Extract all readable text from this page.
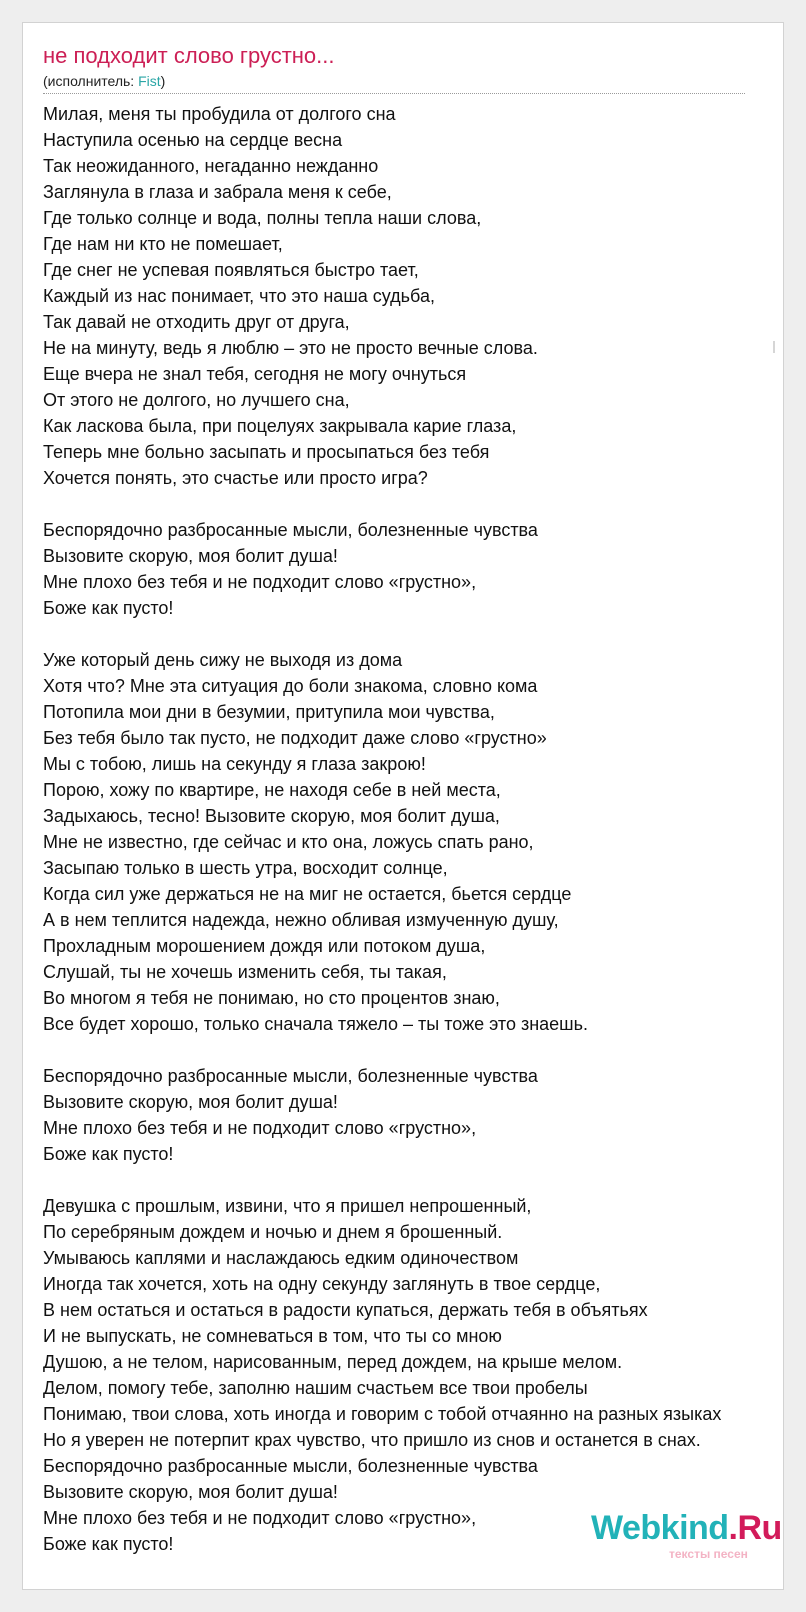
не подходит слово грустно...
(исполнитель: Fist)
Милая, меня ты пробудила от долгого сна
Наступила осенью на сердце весна
Так неожиданного, негаданно нежданно
Заглянула в глаза и забрала меня к себе,
Где только солнце и вода, полны тепла наши слова,
Где нам ни кто не помешает,
Где снег не успевая появляться быстро тает,
Каждый из нас понимает, что это наша судьба,
Так давай не отходить друг от друга,
Не на минуту, ведь я люблю – это не просто вечные слова.
Еще вчера не знал тебя, сегодня не могу очнуться
От этого не долгого, но лучшего сна,
Как ласкова была, при поцелуях закрывала карие глаза,
Теперь мне больно засыпать и просыпаться без тебя
Хочется понять, это счастье или просто игра?
Беспорядочно разбросанные мысли, болезненные чувства
Вызовите скорую, моя болит душа!
Мне плохо без тебя и не подходит слово «грустно»,
Боже как пусто!
Уже который день сижу не выходя из дома
Хотя что? Мне эта ситуация до боли знакома, словно кома
Потопила мои дни в безумии, притупила мои чувства,
Без тебя было так пусто, не подходит даже слово «грустно»
Мы с тобою, лишь на секунду я глаза закрою!
Порою, хожу по квартире, не находя себе в ней места,
Задыхаюсь, тесно! Вызовите скорую, моя болит душа,
Мне не известно, где сейчас и кто она, ложусь спать рано,
Засыпаю только в шесть утра, восходит солнце,
Когда сил уже держаться не на миг не остается, бьется сердце
А в нем теплится надежда, нежно обливая измученную душу,
Прохладным морошением дождя или потоком душа,
Слушай, ты не хочешь изменить себя, ты такая,
Во многом я тебя не понимаю, но сто процентов знаю,
Все будет хорошо, только сначала тяжело – ты тоже это знаешь.
Беспорядочно разбросанные мысли, болезненные чувства
Вызовите скорую, моя болит душа!
Мне плохо без тебя и не подходит слово «грустно»,
Боже как пусто!
Девушка с прошлым, извини, что я пришел непрошенный,
По серебряным дождем и ночью и днем я брошенный.
Умываюсь каплями и наслаждаюсь едким одиночеством
Иногда так хочется, хоть на одну секунду заглянуть в твое сердце,
В нем остаться и остаться в радости купаться, держать тебя в объятьях
И не выпускать, не сомневаться в том, что ты со мною
Душою, а не телом, нарисованным, перед дождем, на крыше мелом.
Делом, помогу тебе, заполню нашим счастьем все твои пробелы
Понимаю, твои слова, хоть иногда и говорим с тобой отчаянно на разных языках
Но я уверен не потерпит крах чувство, что пришло из снов и останется в снах.
Беспорядочно разбросанные мысли, болезненные чувства
Вызовите скорую, моя болит душа!
Мне плохо без тебя и не подходит слово «грустно»,
Боже как пусто!	Webkind.Ru
тексты песен
